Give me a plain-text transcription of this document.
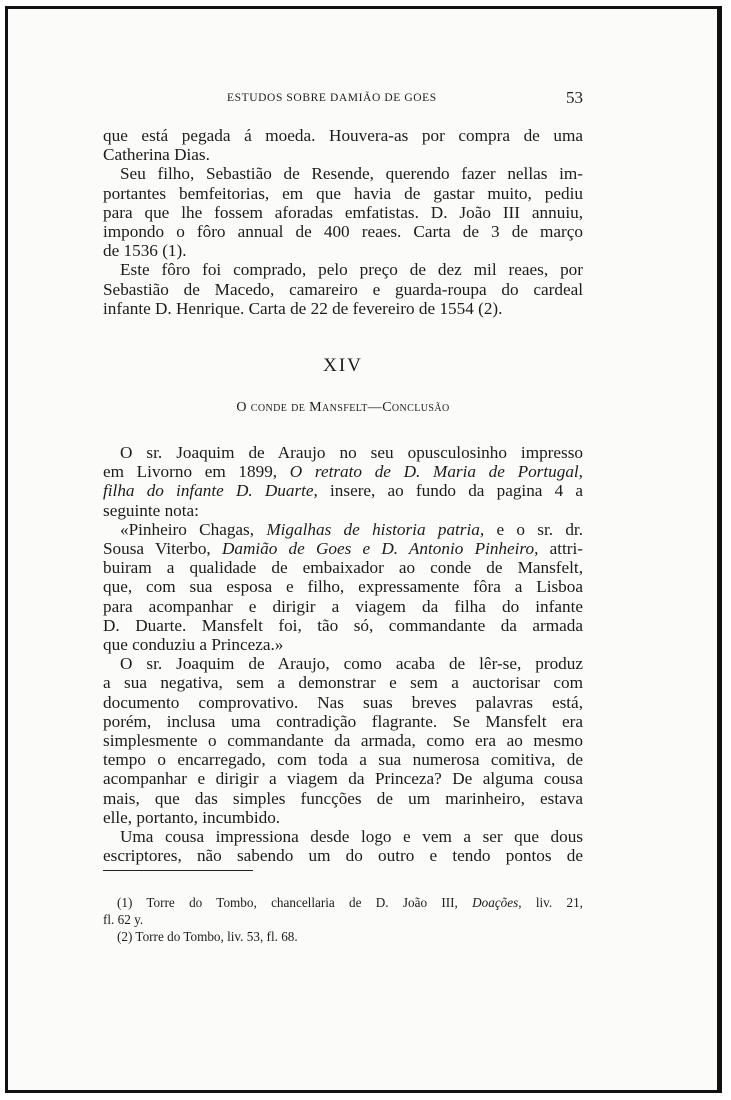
ESTUDOS SOBRE DAMIÃO DE GOES	53

que está pegada á moeda. Houvera-as por compra de uma
Catherina Dias.

Seu filho, Sebastião de Resende, querendo fazer nellas im-
portantes bemfeitorias, em que havia de gastar muito, pediu
para que lhe fossem aforadas emfatistas. D. João III annuiu,
impondo o fôro annual de 400 reaes. Carta de 3 de março
de 1536 (1).

Este fôro foi comprado, pelo preço de dez mil reaes, por
Sebastião de Macedo, camareiro e guarda-roupa do cardeal
infante D. Henrique. Carta de 22 de fevereiro de 1554 (2).

XIV
O conde de Mansfelt—Conclusão

O sr. Joaquim de Araujo no seu opusculosinho impresso
em Livorno em 1899, O retrato de D. Maria de Portugal,
filha do infante D. Duarte, insere, ao fundo da pagina 4 a
seguinte nota:

«Pinheiro Chagas, Migalhas de historia patria, e o sr. dr.
Sousa Viterbo, Damião de Goes e D. Antonio Pinheiro, attri-
buiram a qualidade de embaixador ao conde de Mansfelt,
que, com sua esposa e filho, expressamente fôra a Lisboa
para acompanhar e dirigir a viagem da filha do infante
D. Duarte. Mansfelt foi, tão só, commandante da armada
que conduziu a Princeza.»

O sr. Joaquim de Araujo, como acaba de lêr-se, produz
a sua negativa, sem a demonstrar e sem a auctorisar com
documento comprovativo. Nas suas breves palavras está,
porém, inclusa uma contradição flagrante. Se Mansfelt era
simplesmente o commandante da armada, como era ao mesmo
tempo o encarregado, com toda a sua numerosa comitiva, de
acompanhar e dirigir a viagem da Princeza? De alguma cousa
mais, que das simples funcções de um marinheiro, estava
elle, portanto, incumbido.

Uma cousa impressiona desde logo e vem a ser que dous
escriptores, não sabendo um do outro e tendo pontos de

(1) Torre do Tombo, chancellaria de D. João III, Doações, liv. 21,
fl. 62 y.
(2) Torre do Tombo, liv. 53, fl. 68.
